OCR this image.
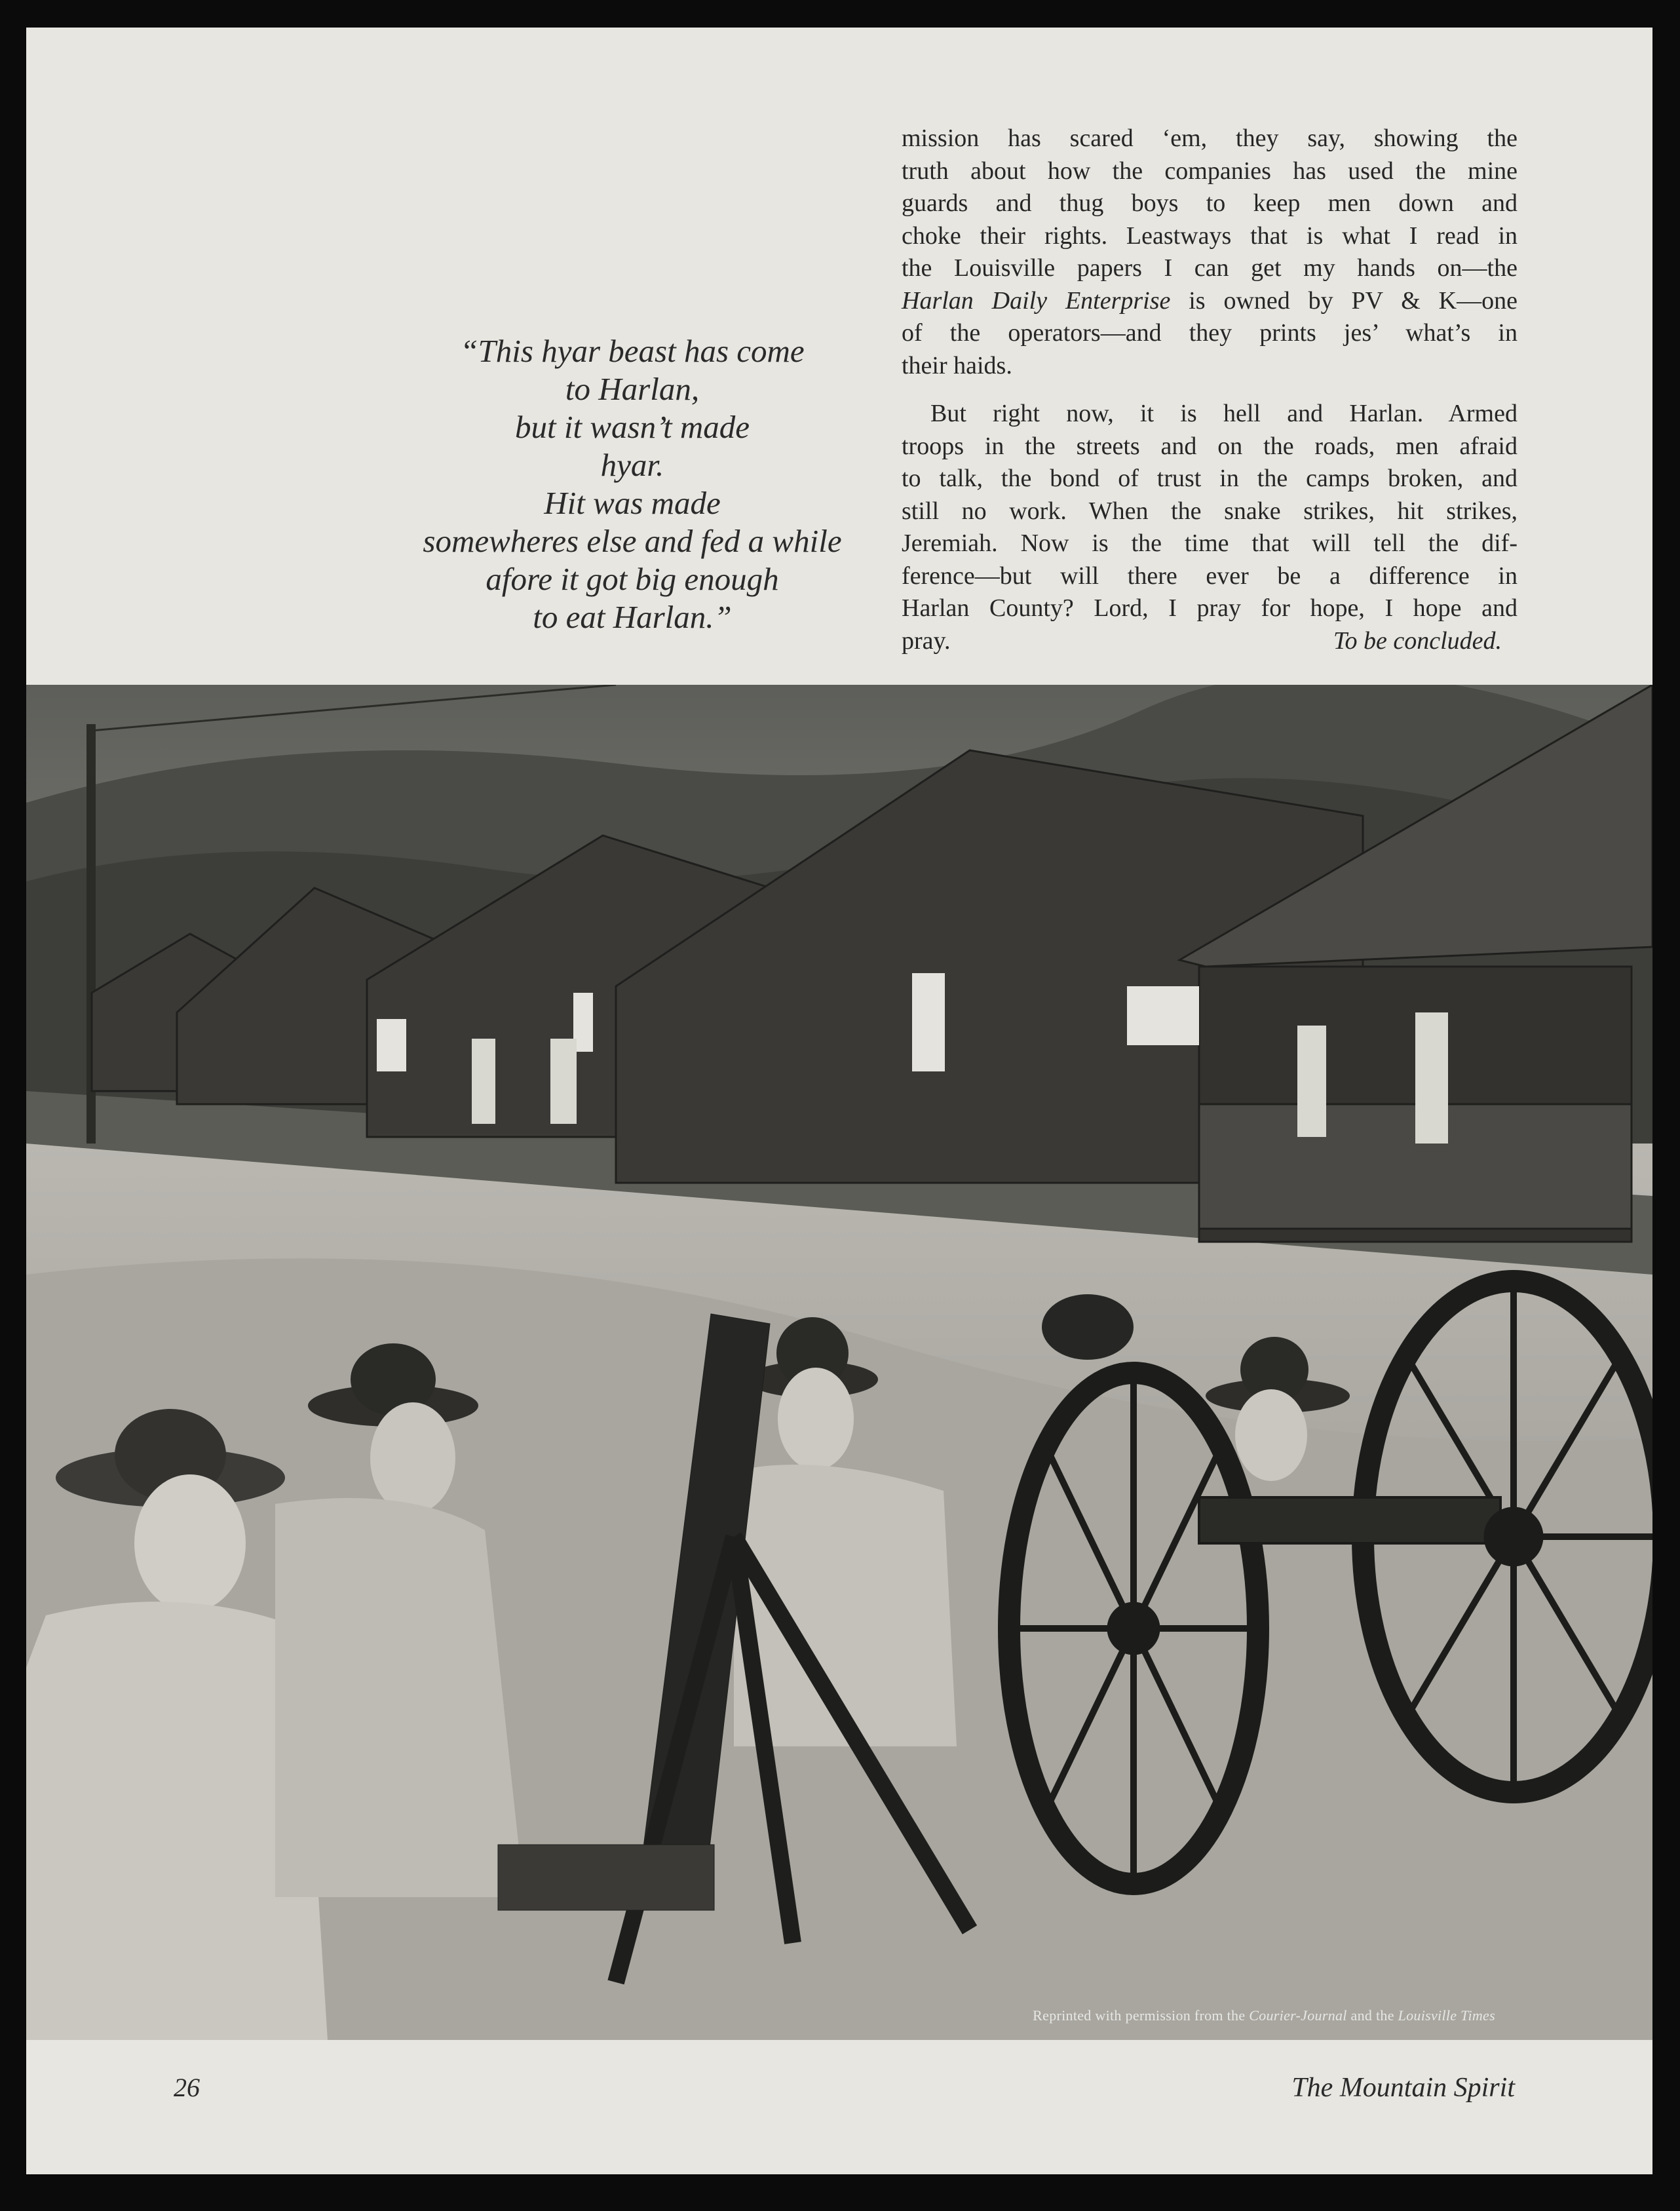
“This hyar beast has come
to Harlan,
but it wasn’t made
hyar.
Hit was made
somewheres else and fed a while
afore it got big enough
to eat Harlan.”

mission has scared ‘em, they say, showing the
truth about how the companies has used the mine
guards and thug boys to keep men down and
choke their rights. Leastways that is what I read in
the Louisville papers I can get my hands on—the
Harlan Daily Enterprise is owned by PV & K—one
of the operators—and they prints jes’ what’s in
their haids.

But right now, it is hell and Harlan. Armed
troops in the streets and on the roads, men afraid
to talk, the bond of trust in the camps broken, and
still no work. When the snake strikes, hit strikes,
Jeremiah. Now is the time that will tell the dif-
ference—but will there ever be a difference in
Harlan County? Lord, I pray for hope, I hope and
pray.	To be concluded.

Reprinted with permission from the Courier-Journal and the Louisville Times
26	The Mountain Spirit
